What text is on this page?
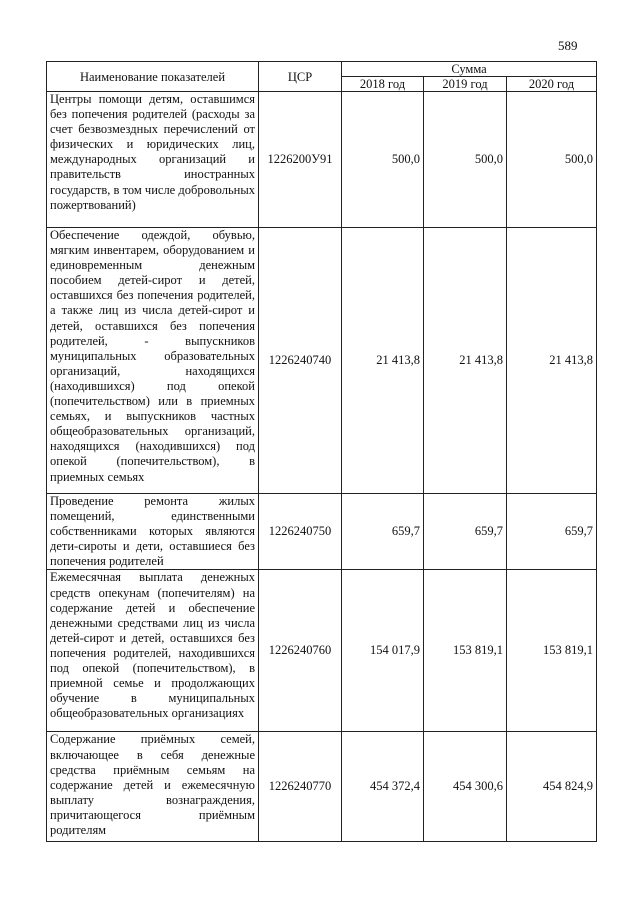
589
Наименование показателей	ЦСР	Сумма		
		2018 год	2019 год	2020 год
Центры помощи детям, оставшимся без попечения родителей (расходы за счет безвозмездных перечислений от физических и юридических лиц, международных организаций и правительств иностранных государств, в том числе добровольных пожертвований)	1226200У91	500,0	500,0	500,0
Обеспечение одеждой, обувью, мягким инвентарем, оборудованием и единовременным денежным пособием детей-сирот и детей, оставшихся без попечения родителей, а также лиц из числа детей-сирот и детей, оставшихся без попечения родителей, - выпускников муниципальных образовательных организаций, находящихся (находившихся) под опекой (попечительством) или в приемных семьях, и выпускников частных общеобразовательных организаций, находящихся (находившихся) под опекой (попечительством), в приемных семьях	1226240740	21 413,8	21 413,8	21 413,8
Проведение ремонта жилых помещений, единственными собственниками которых являются дети-сироты и дети, оставшиеся без попечения родителей	1226240750	659,7	659,7	659,7
Ежемесячная выплата денежных средств опекунам (попечителям) на содержание детей и обеспечение денежными средствами лиц из числа детей-сирот и детей, оставшихся без попечения родителей, находившихся под опекой (попечительством), в приемной семье и продолжающих обучение в муниципальных общеобразовательных организациях	1226240760	154 017,9	153 819,1	153 819,1
Содержание приёмных семей, включающее в себя денежные средства приёмным семьям на содержание детей и ежемесячную выплату вознаграждения, причитающегося приёмным родителям	1226240770	454 372,4	454 300,6	454 824,9
